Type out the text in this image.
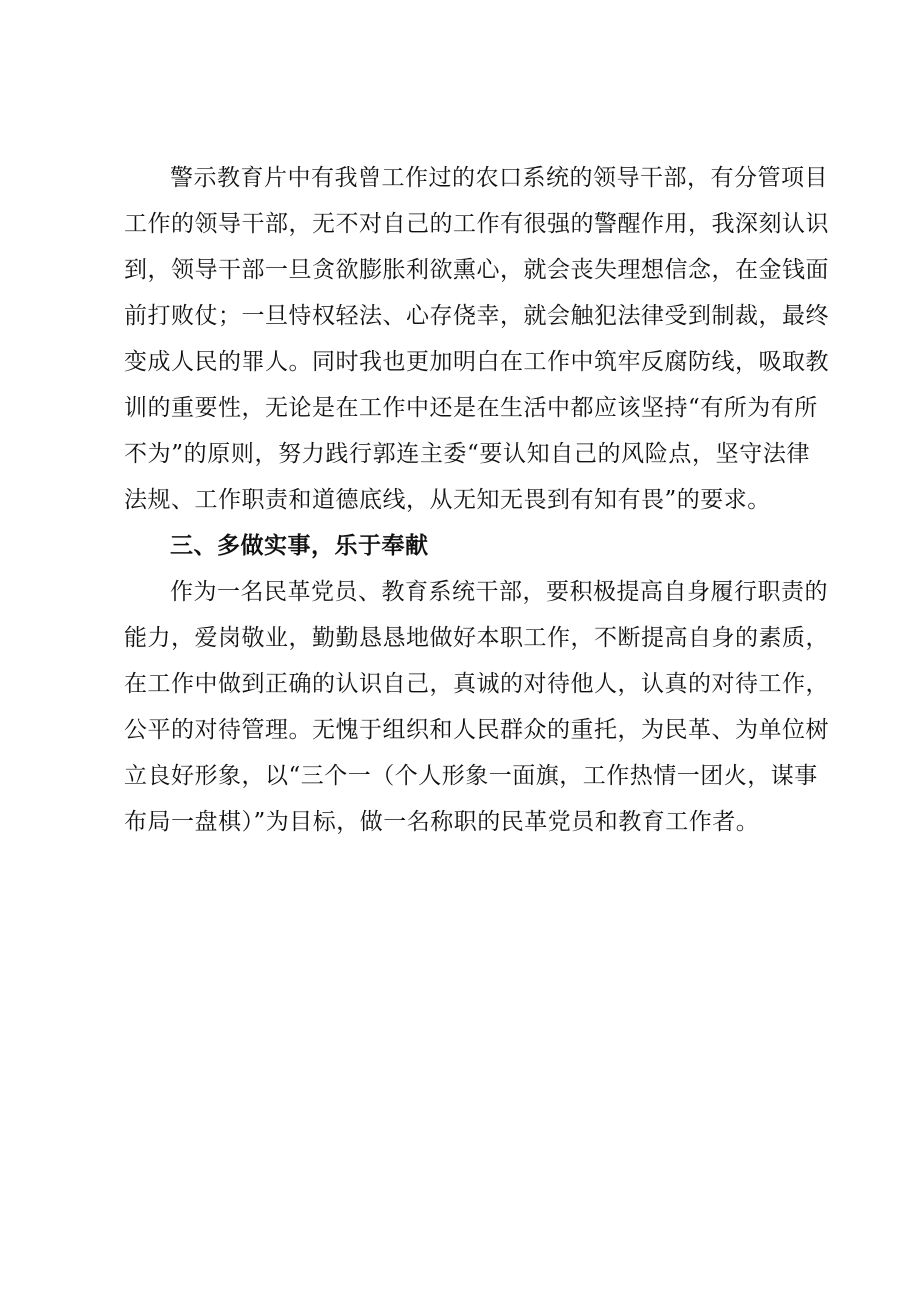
警示教育片中有我曾工作过的农口系统的领导干部，有分管项目
工作的领导干部，无不对自己的工作有很强的警醒作用，我深刻认识
到，领导干部一旦贪欲膨胀利欲熏心，就会丧失理想信念，在金钱面
前打败仗；一旦恃权轻法、心存侥幸，就会触犯法律受到制裁，最终
变成人民的罪人。同时我也更加明白在工作中筑牢反腐防线，吸取教
训的重要性，无论是在工作中还是在生活中都应该坚持“有所为有所
不为”的原则，努力践行郭连主委“要认知自己的风险点，坚守法律
法规、工作职责和道德底线，从无知无畏到有知有畏”的要求。
三、多做实事，乐于奉献
作为一名民革党员、教育系统干部，要积极提高自身履行职责的
能力，爱岗敬业，勤勤恳恳地做好本职工作，不断提高自身的素质，
在工作中做到正确的认识自己，真诚的对待他人，认真的对待工作，
公平的对待管理。无愧于组织和人民群众的重托，为民革、为单位树
立良好形象，以“三个一（个人形象一面旗，工作热情一团火，谋事
布局一盘棋）”为目标，做一名称职的民革党员和教育工作者。
